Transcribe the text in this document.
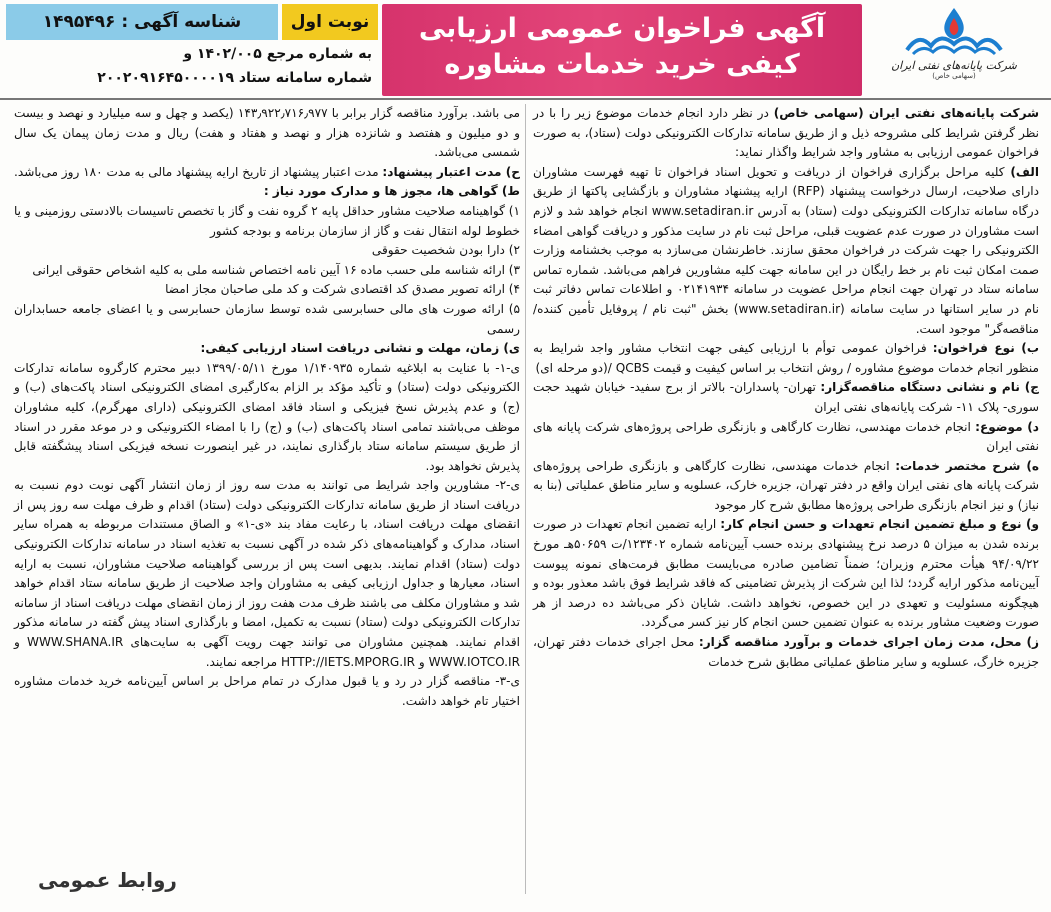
شرکت پایانه‌های نفتی ایران
(سهامی خاص)
آگهی فراخوان عمومی ارزیابی
کیفی خرید خدمات مشاوره
نوبت اول
شناسه آگهی : ۱۴۹۵۴۹۶
به شماره مرجع ۱۴۰۲/۰۰۵ و
شماره سامانه ستاد ۲۰۰۲۰۹۱۶۴۵۰۰۰۰۱۹

شرکت پایانه‌های نفتی ایران (سهامی خاص) در نظر دارد انجام خدمات موضوع زیر را با در نظر گرفتن شرایط کلی مشروحه ذیل و از طریق سامانه تدارکات الکترونیکی دولت (ستاد)، به صورت فراخوان عمومی ارزیابی به مشاور واجد شرایط واگذار نماید:

الف) کلیه مراحل برگزاری فراخوان از دریافت و تحویل اسناد فراخوان تا تهیه فهرست مشاوران دارای صلاحیت، ارسال درخواست پیشنهاد (RFP) ارایه پیشنهاد مشاوران و بازگشایی پاکتها از طریق درگاه سامانه تدارکات الکترونیکی دولت (ستاد) به آدرس www.setadiran.ir انجام خواهد شد و لازم است مشاوران در صورت عدم عضویت قبلی، مراحل ثبت نام در سایت مذکور و دریافت گواهی امضاء الکترونیکی را جهت شرکت در فراخوان محقق سازند. خاطرنشان می‌سازد به موجب بخشنامه وزارت صمت امکان ثبت نام بر خط رایگان در این سامانه جهت کلیه مشاورین فراهم می‌باشد. شماره تماس سامانه ستاد در تهران جهت انجام مراحل عضویت در سامانه ۰۲۱۴۱۹۳۴ و اطلاعات تماس دفاتر ثبت نام در سایر استانها در سایت سامانه (www.setadiran.ir) بخش "ثبت نام / پروفایل تأمین کننده/مناقصه‌گر" موجود است.

ب) نوع فراخوان: فراخوان عمومی توأم با ارزیابی کیفی جهت انتخاب مشاور واجد شرایط به منظور انجام خدمات موضوع مشاوره / روش انتخاب بر اساس کیفیت و قیمت QCBS /(دو مرحله ای)

ج) نام و نشانی دستگاه مناقصه‌گزار: تهران- پاسداران- بالاتر از برج سفید- خیابان شهید حجت سوری- پلاک ۱۱- شرکت پایانه‌های نفتی ایران

د) موضوع: انجام خدمات مهندسی، نظارت کارگاهی و بازنگری طراحی پروژه‌های شرکت پایانه های نفتی ایران

ه) شرح مختصر خدمات: انجام خدمات مهندسی، نظارت کارگاهی و بازنگری طراحی پروژه‌های شرکت پایانه های نفتی ایران واقع در دفتر تهران، جزیره خارک، عسلویه و سایر مناطق عملیاتی (بنا به نیاز) و نیز انجام بازنگری طراحی پروژه‌ها مطابق شرح کار موجود

و) نوع و مبلغ تضمین انجام تعهدات و حسن انجام کار: ارایه تضمین انجام تعهدات در صورت برنده شدن به میزان ۵ درصد نرخ پیشنهادی برنده حسب آیین‌نامه شماره ۱۲۳۴۰۲/ت ۵۰۶۵۹هـ مورخ ۹۴/۰۹/۲۲ هیأت محترم وزیران؛ ضمناً تضامین صادره می‌بایست مطابق فرمت‌های نمونه پیوست آیین‌نامه مذکور ارایه گردد؛ لذا این شرکت از پذیرش تضامینی که فاقد شرایط فوق باشد معذور بوده و هیچگونه مسئولیت و تعهدی در این خصوص، نخواهد داشت. شایان ذکر می‌باشد ده درصد از هر صورت وضعیت مشاور برنده به عنوان تضمین حسن انجام کار نیز کسر می‌گردد.

ز) محل، مدت زمان اجرای خدمات و برآورد مناقصه گزار: محل اجرای خدمات دفتر تهران، جزیره خارگ، عسلویه و سایر مناطق عملیاتی مطابق شرح خدمات

می باشد. برآورد مناقصه گزار برابر با ۱۴۳٫۹۲۲٫۷۱۶٫۹۷۷ (یکصد و چهل و سه میلیارد و نهصد و بیست و دو میلیون و هفتصد و شانزده هزار و نهصد و هفتاد و هفت) ریال و مدت زمان پیمان یک سال شمسی می‌باشد.

ح) مدت اعتبار پیشنهاد: مدت اعتبار پیشنهاد از تاریخ ارایه پیشنهاد مالی به مدت ۱۸۰ روز می‌باشد.

ط) گواهی ها، مجوز ها و مدارک مورد نیاز :

۱) گواهینامه صلاحیت مشاور حداقل پایه ۲ گروه نفت و گاز با تخصص تاسیسات بالادستی روزمینی و یا خطوط لوله انتقال نفت و گاز از سازمان برنامه و بودجه کشور

۲) دارا بودن شخصیت حقوقی

۳) ارائه شناسه ملی حسب ماده ۱۶ آیین نامه اختصاص شناسه ملی به کلیه اشخاص حقوقی ایرانی

۴) ارائه تصویر مصدق کد اقتصادی شرکت و کد ملی صاحبان مجاز امضا

۵) ارائه صورت های مالی حسابرسی شده توسط سازمان حسابرسی و یا اعضای جامعه حسابداران رسمی

ی) زمان، مهلت و نشانی دریافت اسناد ارزیابی کیفی:

ی-۱- با عنایت به ابلاغیه شماره ۱/۱۴۰۹۳۵ مورخ ۱۳۹۹/۰۵/۱۱ دبیر محترم کارگروه سامانه تدارکات الکترونیکی دولت (ستاد) و تأکید مؤکد بر الزام به‌کارگیری امضای الکترونیکی اسناد پاکت‌های (ب) و (ج) و عدم پذیرش نسخ فیزیکی و اسناد فاقد امضای الکترونیکی (دارای مهرگرم)، کلیه مشاوران موظف می‌باشند تمامی اسناد پاکت‌های (ب) و (ج) را با امضاء الکترونیکی و در موعد مقرر در اسناد از طریق سیستم سامانه ستاد بارگذاری نمایند، در غیر اینصورت نسخه فیزیکی اسناد پیشگفته قابل پذیرش نخواهد بود.

ی-۲- مشاورین واجد شرایط می توانند به مدت سه روز از زمان انتشار آگهی نوبت دوم نسبت به دریافت اسناد از طریق سامانه تدارکات الکترونیکی دولت (ستاد) اقدام و ظرف مهلت سه روز پس از انقضای مهلت دریافت اسناد، با رعایت مفاد بند «ی-۱» و الصاق مستندات مربوطه به همراه سایر اسناد، مدارک و گواهینامه‌های ذکر شده در آگهی نسبت به تغذیه اسناد در سامانه تدارکات الکترونیکی دولت (ستاد) اقدام نمایند. بدیهی است پس از بررسی گواهینامه صلاحیت مشاوران، نسبت به ارایه اسناد، معیارها و جداول ارزیابی کیفی به مشاوران واجد صلاحیت از طریق سامانه ستاد اقدام خواهد شد و مشاوران مکلف می باشند ظرف مدت هفت روز از زمان انقضای مهلت دریافت اسناد از سامانه تدارکات الکترونیکی دولت (ستاد) نسبت به تکمیل، امضا و بارگذاری اسناد پیش گفته در سامانه مذکور اقدام نمایند. همچنین مشاوران می توانند جهت رویت آگهی به سایت‌های WWW.SHANA.IR و WWW.IOTCO.IR و HTTP://IETS.MPORG.IR مراجعه نمایند.

ی-۳- مناقصه گزار در رد و یا قبول مدارک در تمام مراحل بر اساس آیین‌نامه خرید خدمات مشاوره اختیار تام خواهد داشت.

روابط عمومی
